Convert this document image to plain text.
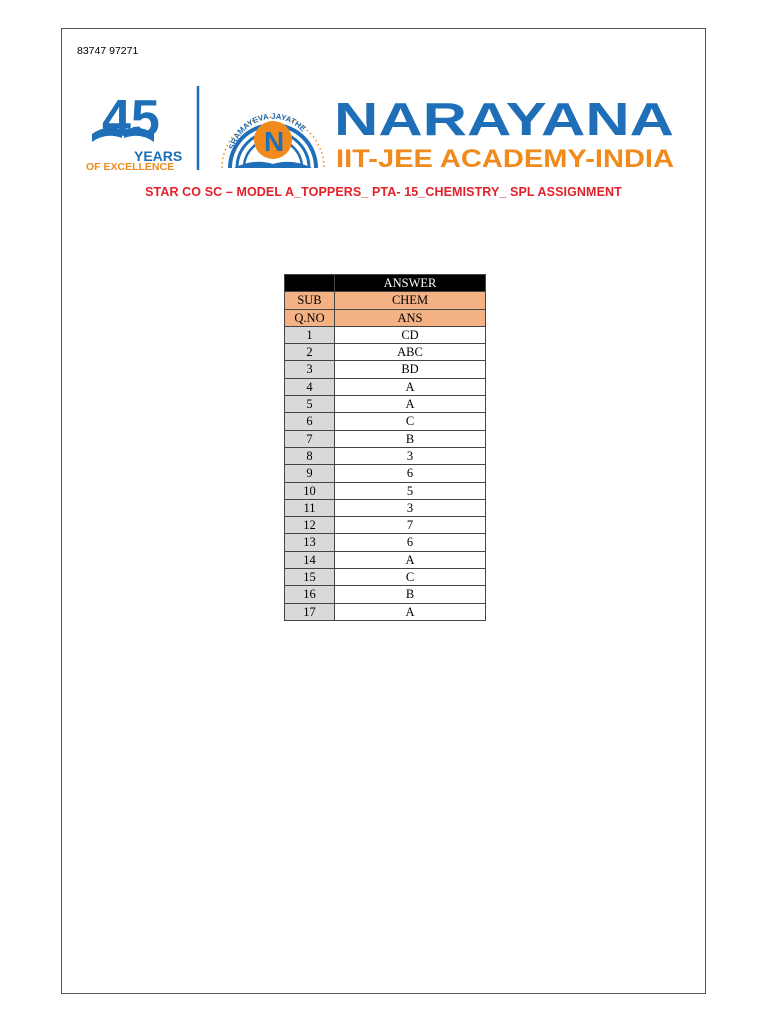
83747 97271
45
YEARS
OF EXCELLENCE
N
SRAMAYEVA JAYATHE NARAYANA
IIT-JEE ACADEMY-INDIA
STAR CO SC – MODEL A_TOPPERS_ PTA- 15_CHEMISTRY_ SPL ASSIGNMENT
	ANSWER
SUB	CHEM
Q.NO	ANS
1	CD
2	ABC
3	BD
4	A
5	A
6	C
7	B
8	3
9	6
10	5
11	3
12	7
13	6
14	A
15	C
16	B
17	A
